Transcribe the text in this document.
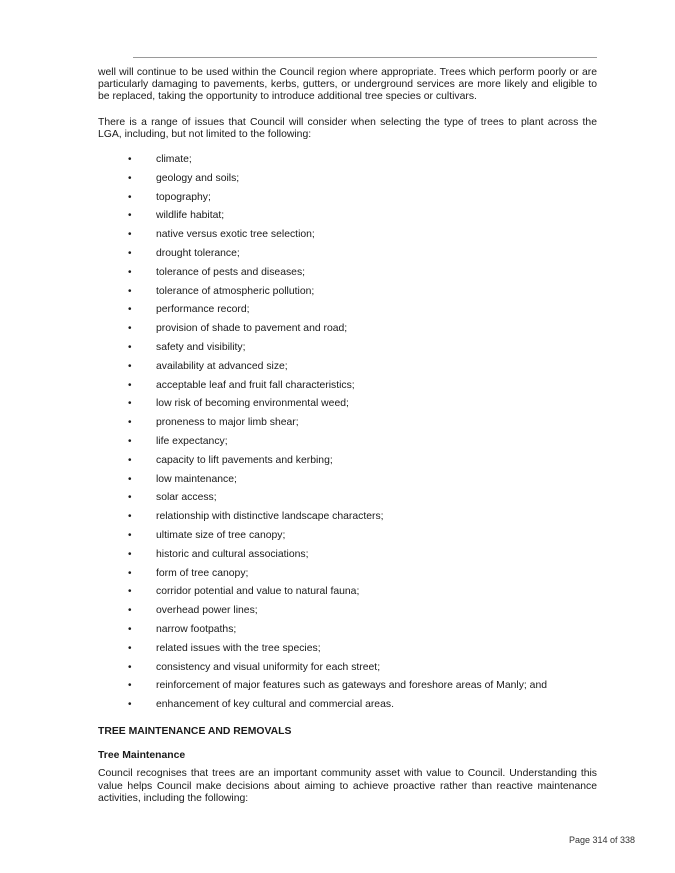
well will continue to be used within the Council region where appropriate. Trees which perform poorly or are particularly damaging to pavements, kerbs, gutters, or underground services are more likely and eligible to be replaced, taking the opportunity to introduce additional tree species or cultivars.

There is a range of issues that Council will consider when selecting the type of trees to plant across the LGA, including, but not limited to the following:

• climate;
• geology and soils;
• topography;
• wildlife habitat;
• native versus exotic tree selection;
• drought tolerance;
• tolerance of pests and diseases;
• tolerance of atmospheric pollution;
• performance record;
• provision of shade to pavement and road;
• safety and visibility;
• availability at advanced size;
• acceptable leaf and fruit fall characteristics;
• low risk of becoming environmental weed;
• proneness to major limb shear;
• life expectancy;
• capacity to lift pavements and kerbing;
• low maintenance;
• solar access;
• relationship with distinctive landscape characters;
• ultimate size of tree canopy;
• historic and cultural associations;
• form of tree canopy;
• corridor potential and value to natural fauna;
• overhead power lines;
• narrow footpaths;
• related issues with the tree species;
• consistency and visual uniformity for each street;
• reinforcement of major features such as gateways and foreshore areas of Manly; and
• enhancement of key cultural and commercial areas.

TREE MAINTENANCE AND REMOVALS

Tree Maintenance

Council recognises that trees are an important community asset with value to Council. Understanding this value helps Council make decisions about aiming to achieve proactive rather than reactive maintenance activities, including the following:

Page 314 of 338
